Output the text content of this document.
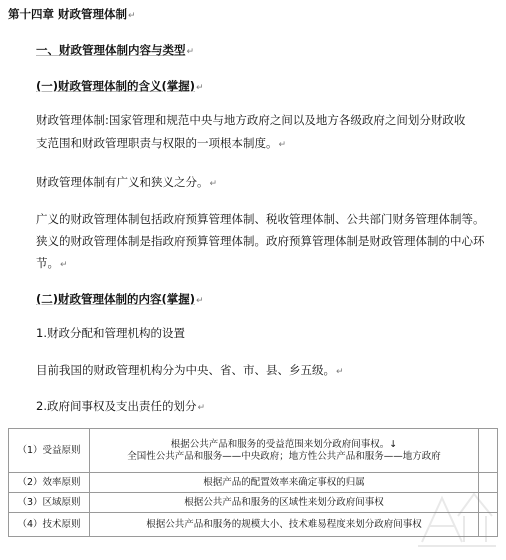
第十四章 财政管理体制↵
一、财政管理体制内容与类型↵
(一)财政管理体制的含义(掌握)↵
财政管理体制:国家管理和规范中央与地方政府之间以及地方各级政府之间划分财政收
支范围和财政管理职责与权限的一项根本制度。↵
财政管理体制有广义和狭义之分。↵
广义的财政管理体制包括政府预算管理体制、税收管理体制、公共部门财务管理体制等。
狭义的财政管理体制是指政府预算管理体制。政府预算管理体制是财政管理体制的中心环
节。↵
(二)财政管理体制的内容(掌握)↵
1.财政分配和管理机构的设置
目前我国的财政管理机构分为中央、省、市、县、乡五级。↵
2.政府间事权及支出责任的划分↵
（1）受益原则	根据公共产品和服务的受益范围来划分政府间事权。↓
全国性公共产品和服务——中央政府；地方性公共产品和服务——地方政府	

（2）效率原则	根据产品的配置效率来确定事权的归属	
（3）区域原则	根据公共产品和服务的区域性来划分政府间事权	
（4）技术原则	根据公共产品和服务的规模大小、技术难易程度来划分政府间事权	
